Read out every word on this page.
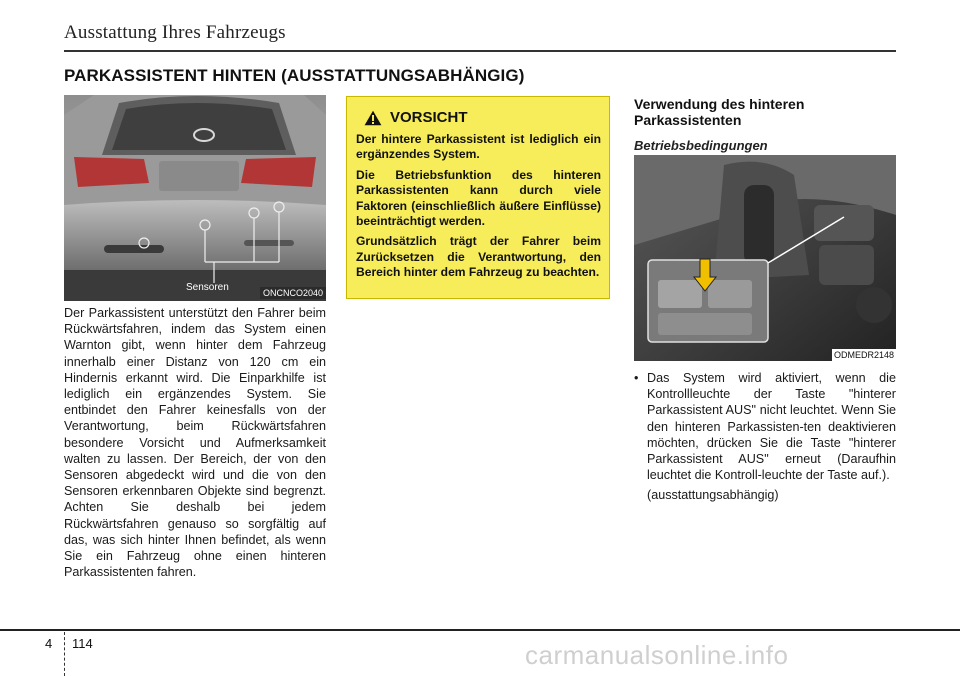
Ausstattung Ihres Fahrzeugs
PARKASSISTENT HINTEN (AUSSTATTUNGSABHÄNGIG)
Sensoren	ONCNCO2040
Der Parkassistent unterstützt den Fahrer beim Rückwärtsfahren, indem das System einen Warnton gibt, wenn hinter dem Fahrzeug innerhalb einer Distanz von 120 cm ein Hindernis erkannt wird. Die Einparkhilfe ist lediglich ein ergänzendes System. Sie entbindet den Fahrer keinesfalls von der Verantwortung, beim Rückwärtsfahren besondere Vorsicht und Aufmerksamkeit walten zu lassen. Der Bereich, der von den Sensoren abgedeckt wird und die von den Sensoren erkennbaren Objekte sind begrenzt. Achten Sie deshalb bei jedem Rückwärtsfahren genauso so sorgfältig auf das, was sich hinter Ihnen befindet, als wenn Sie ein Fahrzeug ohne einen hinteren Parkassistenten fahren.
VORSICHT

Der hintere Parkassistent ist lediglich ein ergänzendes System.

Die Betriebsfunktion des hinteren Parkassistenten kann durch viele Faktoren (einschließlich äußere Einflüsse) beeinträchtigt werden.

Grundsätzlich trägt der Fahrer beim Zurücksetzen die Verantwortung, den Bereich hinter dem Fahrzeug zu beachten.

Verwendung des hinteren Parkassistenten
Betriebsbedingungen
ODMEDR2148
• Das System wird aktiviert, wenn die Kontrollleuchte der Taste "hinterer Parkassistent AUS" nicht leuchtet. Wenn Sie den hinteren Parkassisten-ten deaktivieren möchten, drücken Sie die Taste "hinterer Parkassistent AUS" erneut (Daraufhin leuchtet die Kontroll-leuchte der Taste auf.).
(ausstattungsabhängig)
4 114	carmanualsonline.info
